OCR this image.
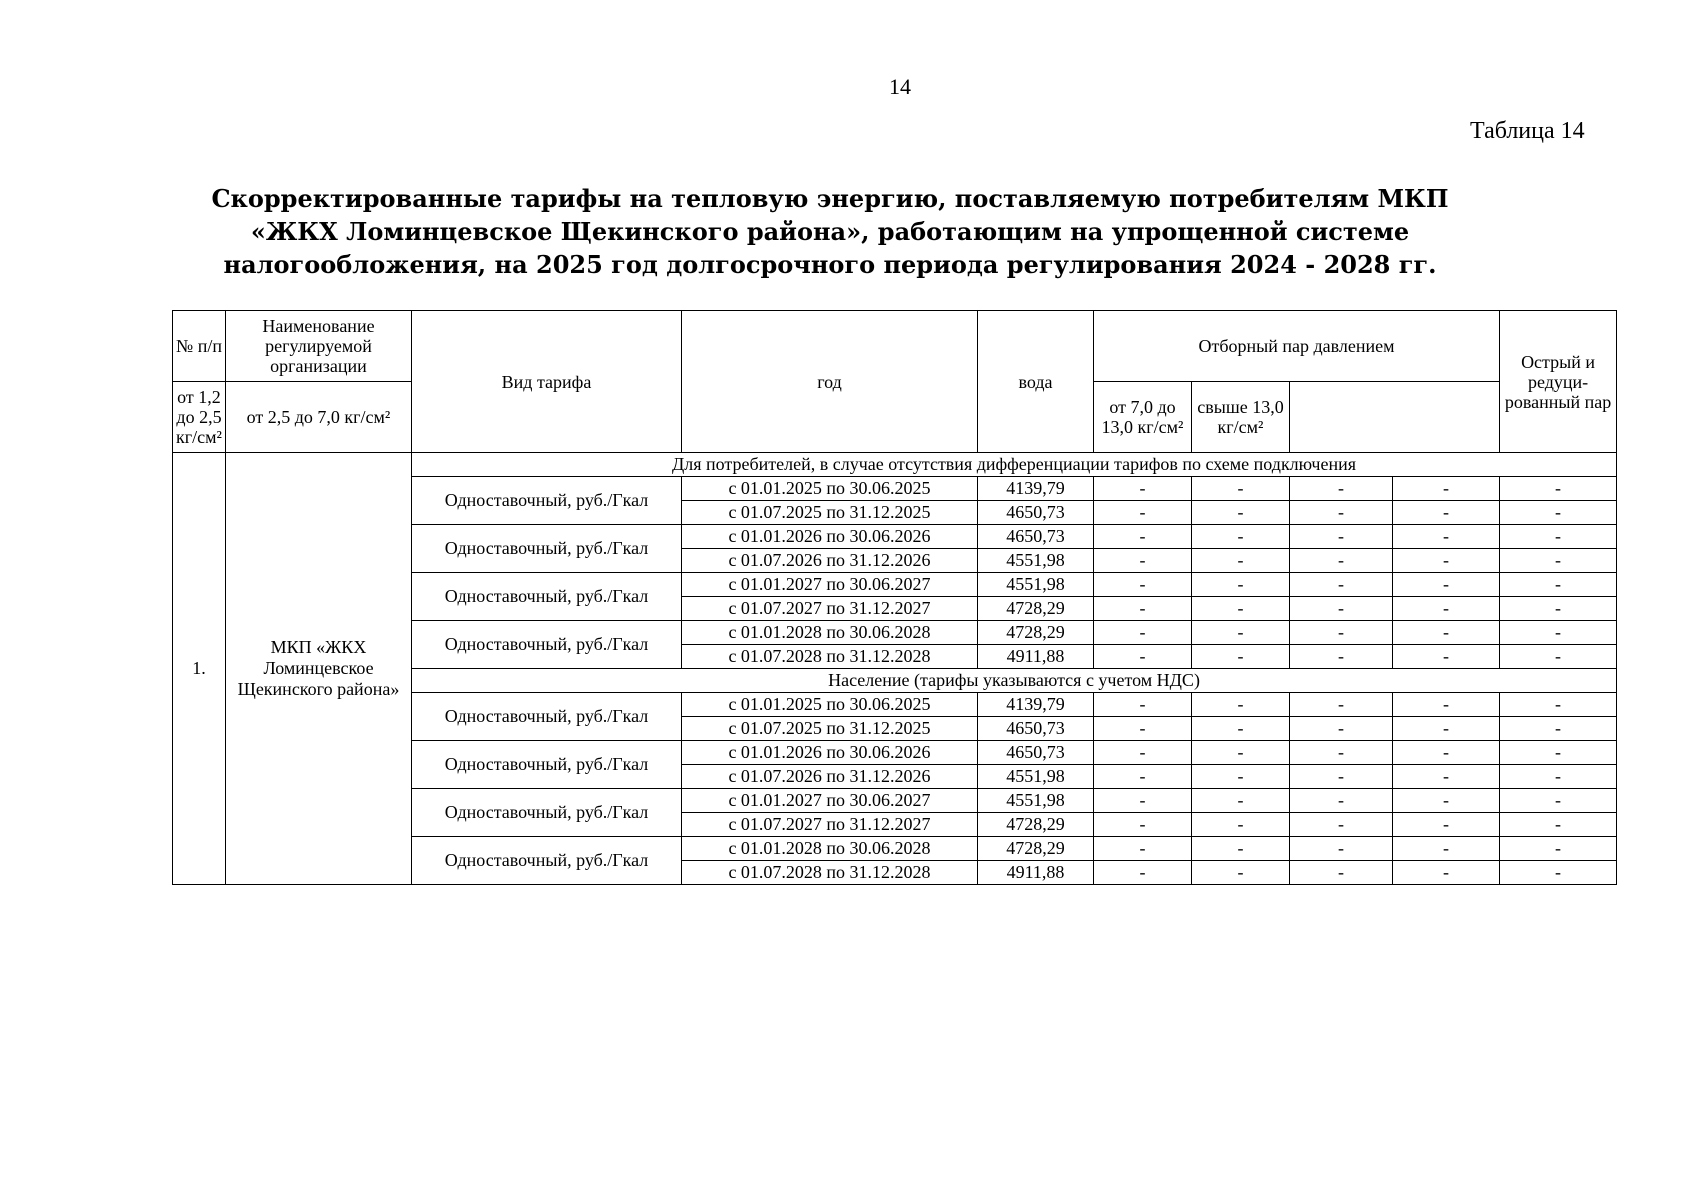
14
Таблица 14
Скорректированные тарифы на тепловую энергию, поставляемую потребителям МКП «ЖКХ Ломинцевское Щекинского района», работающим на упрощенной системе налогообложения, на 2025 год долгосрочного периода регулирования 2024 - 2028 гг.
№ п/п	Наименование регулируемой организации	Вид тарифа	год	вода	Отборный пар давлением				Острый и редуци-рованный пар
от 1,2 до 2,5 кг/см²	от 2,5 до 7,0 кг/см²				от 7,0 до 13,0 кг/см²	свыше 13,0 кг/см²			
1.	МКП «ЖКХ Ломинцевское Щекинского района»	Для потребителей, в случае отсутствия дифференциации тарифов по схеме подключения							
		Одноставочный, руб./Гкал	с 01.01.2025 по 30.06.2025	4139,79	-	-	-	-	-
			с 01.07.2025 по 31.12.2025	4650,73	-	-	-	-	-
		Одноставочный, руб./Гкал	с 01.01.2026 по 30.06.2026	4650,73	-	-	-	-	-
			с 01.07.2026 по 31.12.2026	4551,98	-	-	-	-	-
		Одноставочный, руб./Гкал	с 01.01.2027 по 30.06.2027	4551,98	-	-	-	-	-
			с 01.07.2027 по 31.12.2027	4728,29	-	-	-	-	-
		Одноставочный, руб./Гкал	с 01.01.2028 по 30.06.2028	4728,29	-	-	-	-	-
			с 01.07.2028 по 31.12.2028	4911,88	-	-	-	-	-
		Население (тарифы указываются с учетом НДС)							
		Одноставочный, руб./Гкал	с 01.01.2025 по 30.06.2025	4139,79	-	-	-	-	-
			с 01.07.2025 по 31.12.2025	4650,73	-	-	-	-	-
		Одноставочный, руб./Гкал	с 01.01.2026 по 30.06.2026	4650,73	-	-	-	-	-
			с 01.07.2026 по 31.12.2026	4551,98	-	-	-	-	-
		Одноставочный, руб./Гкал	с 01.01.2027 по 30.06.2027	4551,98	-	-	-	-	-
			с 01.07.2027 по 31.12.2027	4728,29	-	-	-	-	-
		Одноставочный, руб./Гкал	с 01.01.2028 по 30.06.2028	4728,29	-	-	-	-	-
			с 01.07.2028 по 31.12.2028	4911,88	-	-	-	-	-
